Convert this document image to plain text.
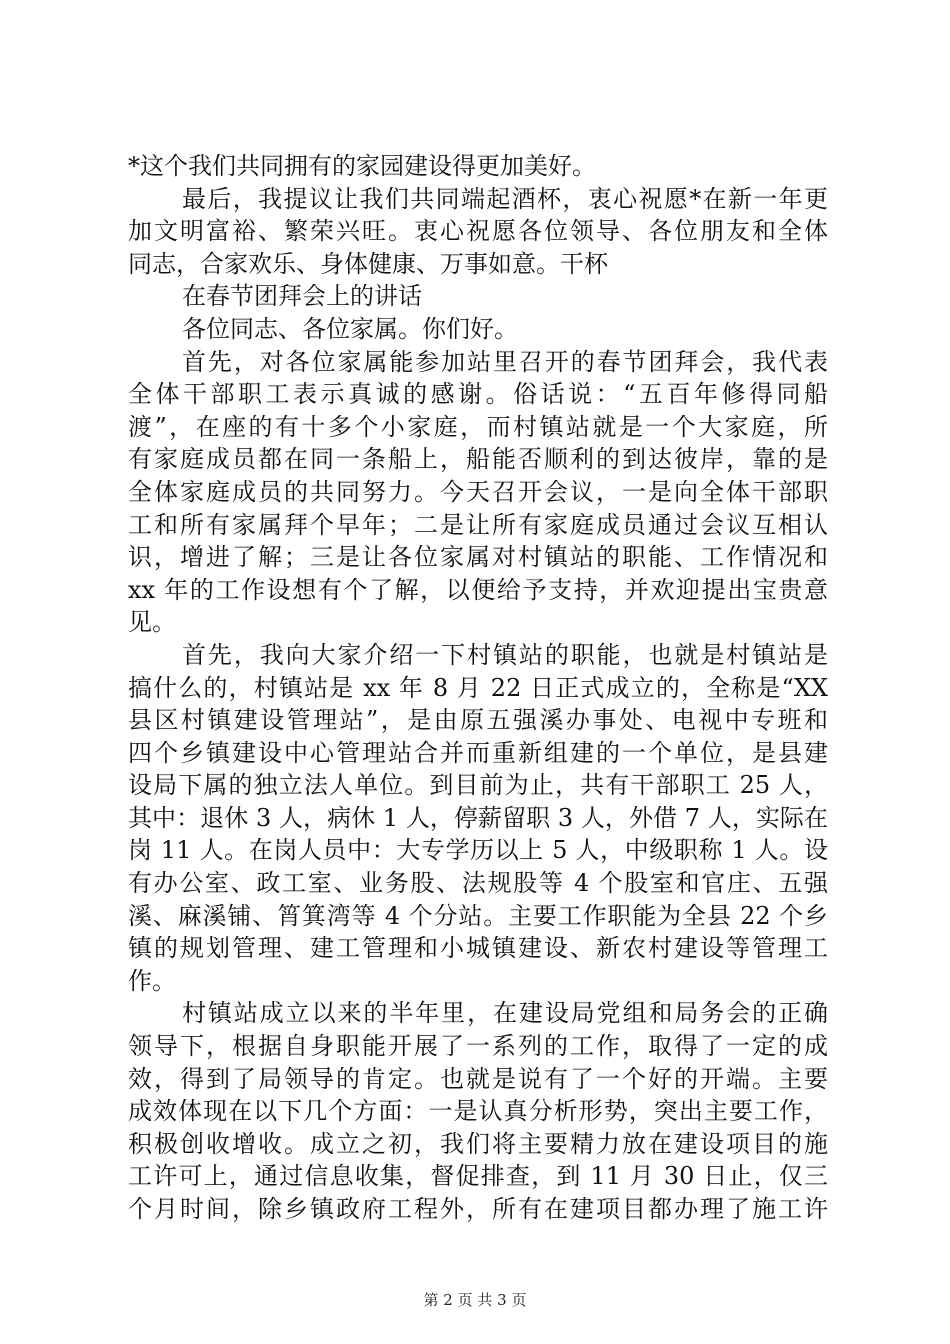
*这个我们共同拥有的家园建设得更加美好。
最后，我提议让我们共同端起酒杯，衷心祝愿*在新一年更
加文明富裕、繁荣兴旺。衷心祝愿各位领导、各位朋友和全体
同志，合家欢乐、身体健康、万事如意。干杯
在春节团拜会上的讲话
各位同志、各位家属。你们好。
首先，对各位家属能参加站里召开的春节团拜会，我代表
全体干部职工表示真诚的感谢。俗话说：“五百年修得同船
渡”，在座的有十多个小家庭，而村镇站就是一个大家庭，所
有家庭成员都在同一条船上，船能否顺利的到达彼岸，靠的是
全体家庭成员的共同努力。今天召开会议，一是向全体干部职
工和所有家属拜个早年；二是让所有家庭成员通过会议互相认
识，增进了解；三是让各位家属对村镇站的职能、工作情况和
xx 年的工作设想有个了解，以便给予支持，并欢迎提出宝贵意
见。
首先，我向大家介绍一下村镇站的职能，也就是村镇站是
搞什么的，村镇站是 xx 年 8 月 22 日正式成立的，全称是“XX
县区村镇建设管理站”，是由原五强溪办事处、电视中专班和
四个乡镇建设中心管理站合并而重新组建的一个单位，是县建
设局下属的独立法人单位。到目前为止，共有干部职工 25 人，
其中：退休 3 人，病休 1 人，停薪留职 3 人，外借 7 人，实际在
岗 11 人。在岗人员中：大专学历以上 5 人，中级职称 1 人。设
有办公室、政工室、业务股、法规股等 4 个股室和官庄、五强
溪、麻溪铺、筲箕湾等 4 个分站。主要工作职能为全县 22 个乡
镇的规划管理、建工管理和小城镇建设、新农村建设等管理工
作。
村镇站成立以来的半年里，在建设局党组和局务会的正确
领导下，根据自身职能开展了一系列的工作，取得了一定的成
效，得到了局领导的肯定。也就是说有了一个好的开端。主要
成效体现在以下几个方面：一是认真分析形势，突出主要工作，
积极创收增收。成立之初，我们将主要精力放在建设项目的施
工许可上，通过信息收集，督促排查，到 11 月 30 日止，仅三
个月时间，除乡镇政府工程外，所有在建项目都办理了施工许
第 2 页 共 3 页
